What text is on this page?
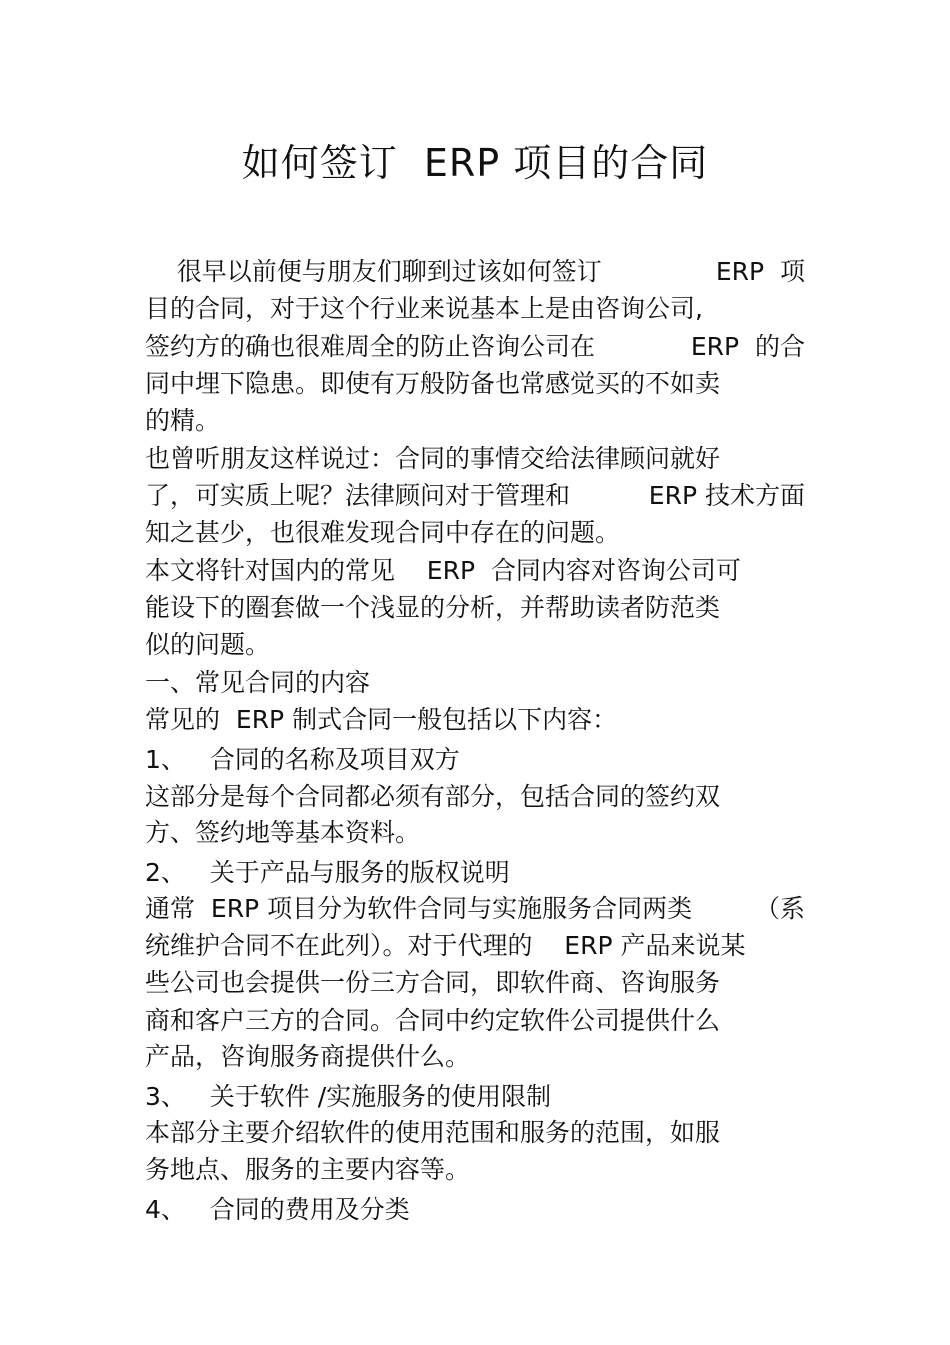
如何签订  ERP 项目的合同
很早以前便与朋友们聊到过该如何签订	ERP  项
目的合同，对于这个行业来说基本上是由咨询公司,
签约方的确也很难周全的防止咨询公司在	ERP  的合
同中埋下隐患。即使有万般防备也常感觉买的不如卖
的精。
也曾听朋友这样说过：合同的事情交给法律顾问就好
了，可实质上呢？法律顾问对于管理和	ERP 技术方面
知之甚少，也很难发现合同中存在的问题。
本文将针对国内的常见    ERP  合同内容对咨询公司可
能设下的圈套做一个浅显的分析，并帮助读者防范类
似的问题。
一、常见合同的内容
常见的  ERP 制式合同一般包括以下内容：
1、   合同的名称及项目双方
这部分是每个合同都必须有部分，包括合同的签约双
方、签约地等基本资料。
2、   关于产品与服务的版权说明
通常  ERP 项目分为软件合同与实施服务合同两类	（系
统维护合同不在此列）。对于代理的    ERP 产品来说某
些公司也会提供一份三方合同，即软件商、咨询服务
商和客户三方的合同。合同中约定软件公司提供什么
产品，咨询服务商提供什么。
3、   关于软件 /实施服务的使用限制
本部分主要介绍软件的使用范围和服务的范围，如服
务地点、服务的主要内容等。
4、   合同的费用及分类
